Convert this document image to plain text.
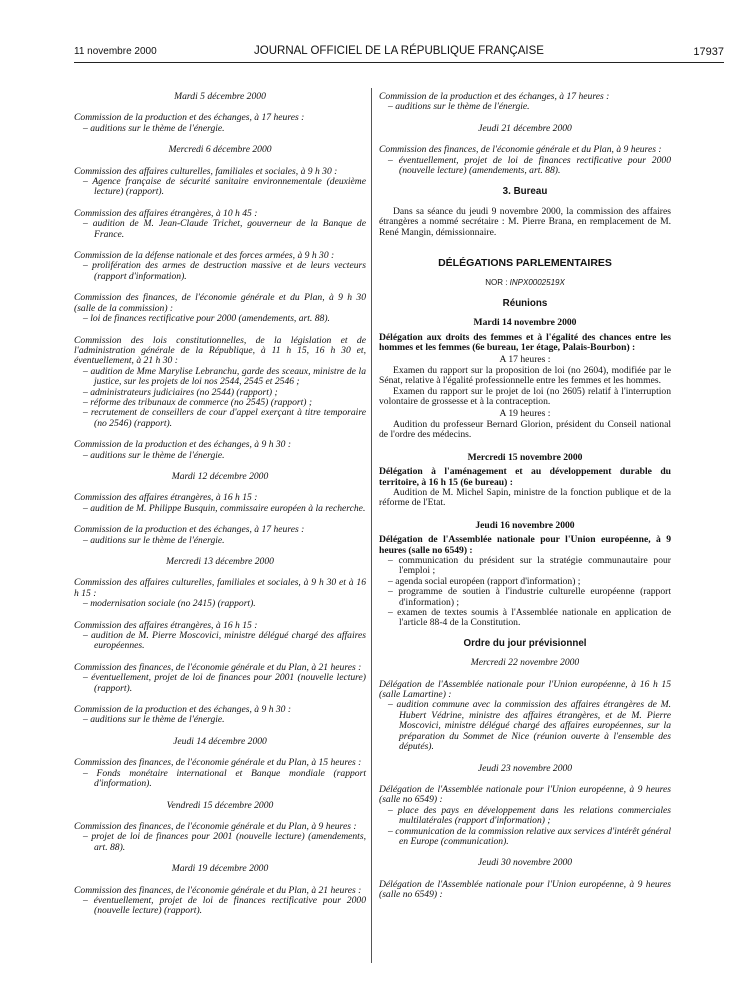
11 novembre 2000	JOURNAL OFFICIEL DE LA RÉPUBLIQUE FRANÇAISE	17937
Mardi 5 décembre 2000
Commission de la production et des échanges, à 17 heures :
– auditions sur le thème de l'énergie.
Mercredi 6 décembre 2000
Commission des affaires culturelles, familiales et sociales, à 9 h 30 :
– Agence française de sécurité sanitaire environnementale (deuxième lecture) (rapport).
Commission des affaires étrangères, à 10 h 45 :
– audition de M. Jean-Claude Trichet, gouverneur de la Banque de France.
Commission de la défense nationale et des forces armées, à 9 h 30 :
– prolifération des armes de destruction massive et de leurs vecteurs (rapport d'information).
Commission des finances, de l'économie générale et du Plan, à 9 h 30 (salle de la commission) :
– loi de finances rectificative pour 2000 (amendements, art. 88).
Commission des lois constitutionnelles, de la législation et de l'administration générale de la République, à 11 h 15, 16 h 30 et, éventuellement, à 21 h 30 :
– audition de Mme Marylise Lebranchu, garde des sceaux, ministre de la justice, sur les projets de loi nos 2544, 2545 et 2546 ;
– administrateurs judiciaires (no 2544) (rapport) ;
– réforme des tribunaux de commerce (no 2545) (rapport) ;
– recrutement de conseillers de cour d'appel exerçant à titre temporaire (no 2546) (rapport).
Commission de la production et des échanges, à 9 h 30 :
– auditions sur le thème de l'énergie.
Mardi 12 décembre 2000
Commission des affaires étrangères, à 16 h 15 :
– audition de M. Philippe Busquin, commissaire européen à la recherche.
Commission de la production et des échanges, à 17 heures :
– auditions sur le thème de l'énergie.
Mercredi 13 décembre 2000
Commission des affaires culturelles, familiales et sociales, à 9 h 30 et à 16 h 15 :
– modernisation sociale (no 2415) (rapport).
Commission des affaires étrangères, à 16 h 15 :
– audition de M. Pierre Moscovici, ministre délégué chargé des affaires européennes.
Commission des finances, de l'économie générale et du Plan, à 21 heures :
– éventuellement, projet de loi de finances pour 2001 (nouvelle lecture) (rapport).
Commission de la production et des échanges, à 9 h 30 :
– auditions sur le thème de l'énergie.
Jeudi 14 décembre 2000
Commission des finances, de l'économie générale et du Plan, à 15 heures :
– Fonds monétaire international et Banque mondiale (rapport d'information).
Vendredi 15 décembre 2000
Commission des finances, de l'économie générale et du Plan, à 9 heures :
– projet de loi de finances pour 2001 (nouvelle lecture) (amendements, art. 88).
Mardi 19 décembre 2000
Commission des finances, de l'économie générale et du Plan, à 21 heures :
– éventuellement, projet de loi de finances rectificative pour 2000 (nouvelle lecture) (rapport).
Commission de la production et des échanges, à 17 heures :
– auditions sur le thème de l'énergie.
Jeudi 21 décembre 2000
Commission des finances, de l'économie générale et du Plan, à 9 heures :
– éventuellement, projet de loi de finances rectificative pour 2000 (nouvelle lecture) (amendements, art. 88).
3. Bureau

Dans sa séance du jeudi 9 novembre 2000, la commission des affaires étrangères a nommé secrétaire : M. Pierre Brana, en remplacement de M. René Mangin, démissionnaire.

DÉLÉGATIONS PARLEMENTAIRES
NOR : INPX0002519X
Réunions
Mardi 14 novembre 2000
Délégation aux droits des femmes et à l'égalité des chances entre les hommes et les femmes (6e bureau, 1er étage, Palais-Bourbon) :
A 17 heures :

Examen du rapport sur la proposition de loi (no 2604), modifiée par le Sénat, relative à l'égalité professionnelle entre les femmes et les hommes.

Examen du rapport sur le projet de loi (no 2605) relatif à l'interruption volontaire de grossesse et à la contraception.

A 19 heures :

Audition du professeur Bernard Glorion, président du Conseil national de l'ordre des médecins.

Mercredi 15 novembre 2000
Délégation à l'aménagement et au développement durable du territoire, à 16 h 15 (6e bureau) :

Audition de M. Michel Sapin, ministre de la fonction publique et de la réforme de l'Etat.

Jeudi 16 novembre 2000
Délégation de l'Assemblée nationale pour l'Union européenne, à 9 heures (salle no 6549) :
– communication du président sur la stratégie communautaire pour l'emploi ;
– agenda social européen (rapport d'information) ;
– programme de soutien à l'industrie culturelle européenne (rapport d'information) ;
– examen de textes soumis à l'Assemblée nationale en application de l'article 88-4 de la Constitution.
Ordre du jour prévisionnel
Mercredi 22 novembre 2000
Délégation de l'Assemblée nationale pour l'Union européenne, à 16 h 15 (salle Lamartine) :
– audition commune avec la commission des affaires étrangères de M. Hubert Védrine, ministre des affaires étrangères, et de M. Pierre Moscovici, ministre délégué chargé des affaires européennes, sur la préparation du Sommet de Nice (réunion ouverte à l'ensemble des députés).
Jeudi 23 novembre 2000
Délégation de l'Assemblée nationale pour l'Union européenne, à 9 heures (salle no 6549) :
– place des pays en développement dans les relations commerciales multilatérales (rapport d'information) ;
– communication de la commission relative aux services d'intérêt général en Europe (communication).
Jeudi 30 novembre 2000
Délégation de l'Assemblée nationale pour l'Union européenne, à 9 heures (salle no 6549) :
